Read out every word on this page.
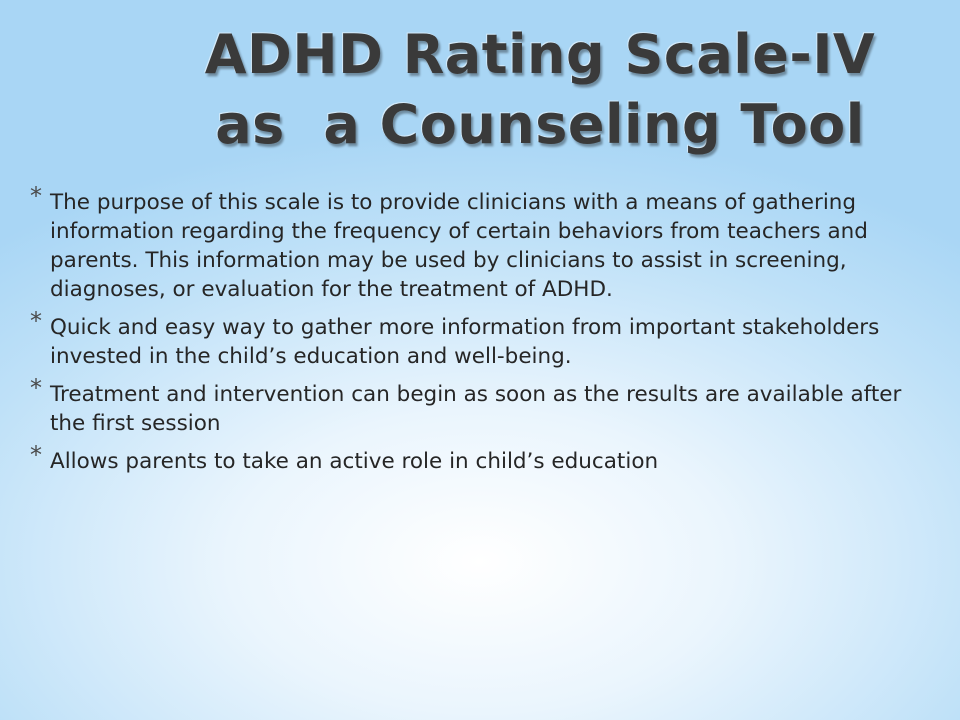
ADHD Rating Scale-IV
as  a Counseling Tool
* The purpose of this scale is to provide clinicians with a means of gathering information regarding the frequency of certain behaviors from teachers and parents. This information may be used by clinicians to assist in screening, diagnoses, or evaluation for the treatment of ADHD.
* Quick and easy way to gather more information from important stakeholders invested in the child’s education and well-being.
* Treatment and intervention can begin as soon as the results are available after the first session
* Allows parents to take an active role in child’s education
